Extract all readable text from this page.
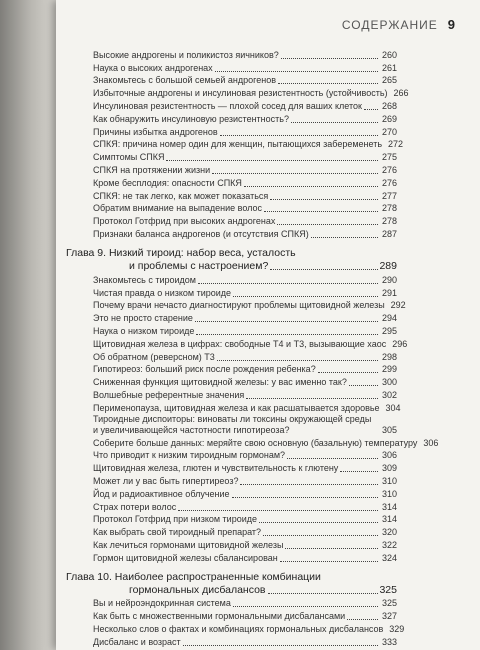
СОДЕРЖАНИЕ 9
Высокие андрогены и поликистоз яичников?	260
Наука о высоких андрогенах	261
Знакомьтесь с большой семьей андрогенов	265
Избыточные андрогены и инсулиновая резистентность (устойчивость) 266
Инсулиновая резистентность — плохой сосед для ваших клеток	268
Как обнаружить инсулиновую резистентность?	269
Причины избытка андрогенов	270
СПКЯ: причина номер один для женщин, пытающихся забеременеть 272
Симптомы СПКЯ	275
СПКЯ на протяжении жизни	276
Кроме бесплодия: опасности СПКЯ	276
СПКЯ: не так легко, как может показаться	277
Обратим внимание на выпадение волос	278
Протокол Готфрид при высоких андрогенах	278
Признаки баланса андрогенов (и отсутствия СПКЯ)	287
Глава 9. Низкий тироид: набор веса, усталость
и проблемы с настроением?	289
Знакомьтесь с тироидом	290
Чистая правда о низком тироиде	291
Почему врачи нечасто диагностируют проблемы щитовидной железы 292
Это не просто старение	294
Наука о низком тироиде	295
Щитовидная железа в цифрах: свободные Т4 и Т3, вызывающие хаос 296
Об обратном (реверсном) Т3	298
Гипотиреоз: больший риск после рождения ребенка?	299
Сниженная функция щитовидной железы: у вас именно так?	300
Волшебные референтные значения	302
Перименопауза, щитовидная железа и как расшатывается здоровье 304
Тироидные диспоиторы: виноваты ли токсины окружающей среды и увеличивающейся частотности гипотиреоза?	305
Соберите больше данных: меряйте свою основную (базальную) температуру 306
Что приводит к низким тироидным гормонам?	306
Щитовидная железа, глютен и чувствительность к глютену	309
Может ли у вас быть гипертиреоз?	310
Йод и радиоактивное облучение	310
Страх потери волос	314
Протокол Готфрид при низком тироиде	314
Как выбрать свой тироидный препарат?	320
Как лечиться гормонами щитовидной железы	322
Гормон щитовидной железы сбалансирован	324
Глава 10. Наиболее распространенные комбинации
гормональных дисбалансов	325
Вы и нейроэндокринная система	325
Как быть с множественными гормональными дисбалансами	327
Несколько слов о фактах и комбинациях гормональных дисбалансов 329
Дисбаланс и возраст	333
